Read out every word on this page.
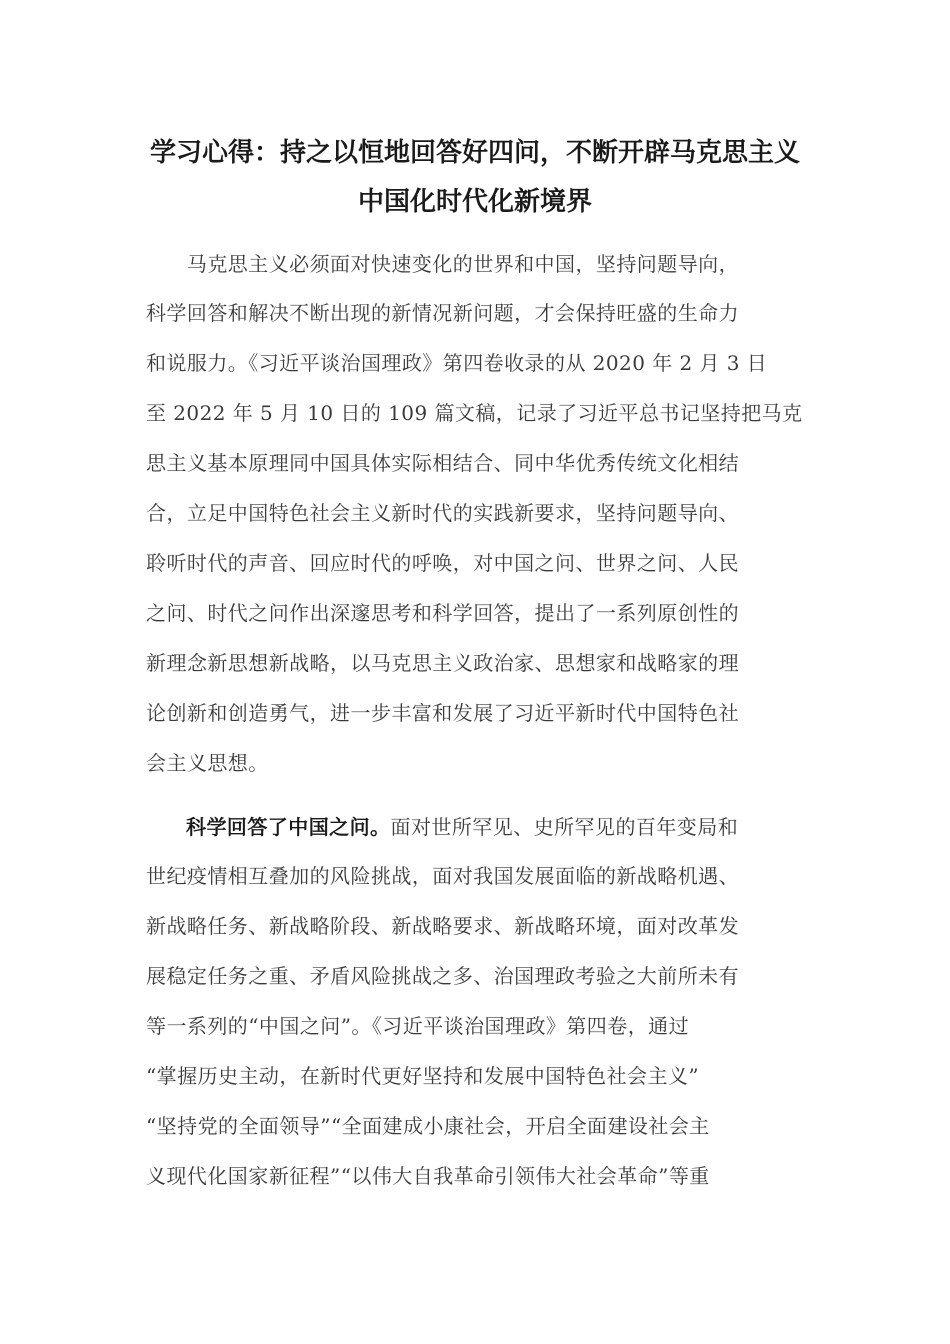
学习心得：持之以恒地回答好四问，不断开辟马克思主义
中国化时代化新境界
　　马克思主义必须面对快速变化的世界和中国，坚持问题导向，
科学回答和解决不断出现的新情况新问题，才会保持旺盛的生命力
和说服力。《习近平谈治国理政》第四卷收录的从 2020 年 2 月 3 日
至 2022 年 5 月 10 日的 109 篇文稿，记录了习近平总书记坚持把马克
思主义基本原理同中国具体实际相结合、同中华优秀传统文化相结
合，立足中国特色社会主义新时代的实践新要求，坚持问题导向、
聆听时代的声音、回应时代的呼唤，对中国之问、世界之问、人民
之问、时代之问作出深邃思考和科学回答，提出了一系列原创性的
新理念新思想新战略，以马克思主义政治家、思想家和战略家的理
论创新和创造勇气，进一步丰富和发展了习近平新时代中国特色社
会主义思想。
科学回答了中国之问。面对世所罕见、史所罕见的百年变局和
世纪疫情相互叠加的风险挑战，面对我国发展面临的新战略机遇、
新战略任务、新战略阶段、新战略要求、新战略环境，面对改革发
展稳定任务之重、矛盾风险挑战之多、治国理政考验之大前所未有
等一系列的“中国之问”。《习近平谈治国理政》第四卷，通过
“掌握历史主动，在新时代更好坚持和发展中国特色社会主义”
“坚持党的全面领导”“全面建成小康社会，开启全面建设社会主
义现代化国家新征程”“以伟大自我革命引领伟大社会革命”等重
